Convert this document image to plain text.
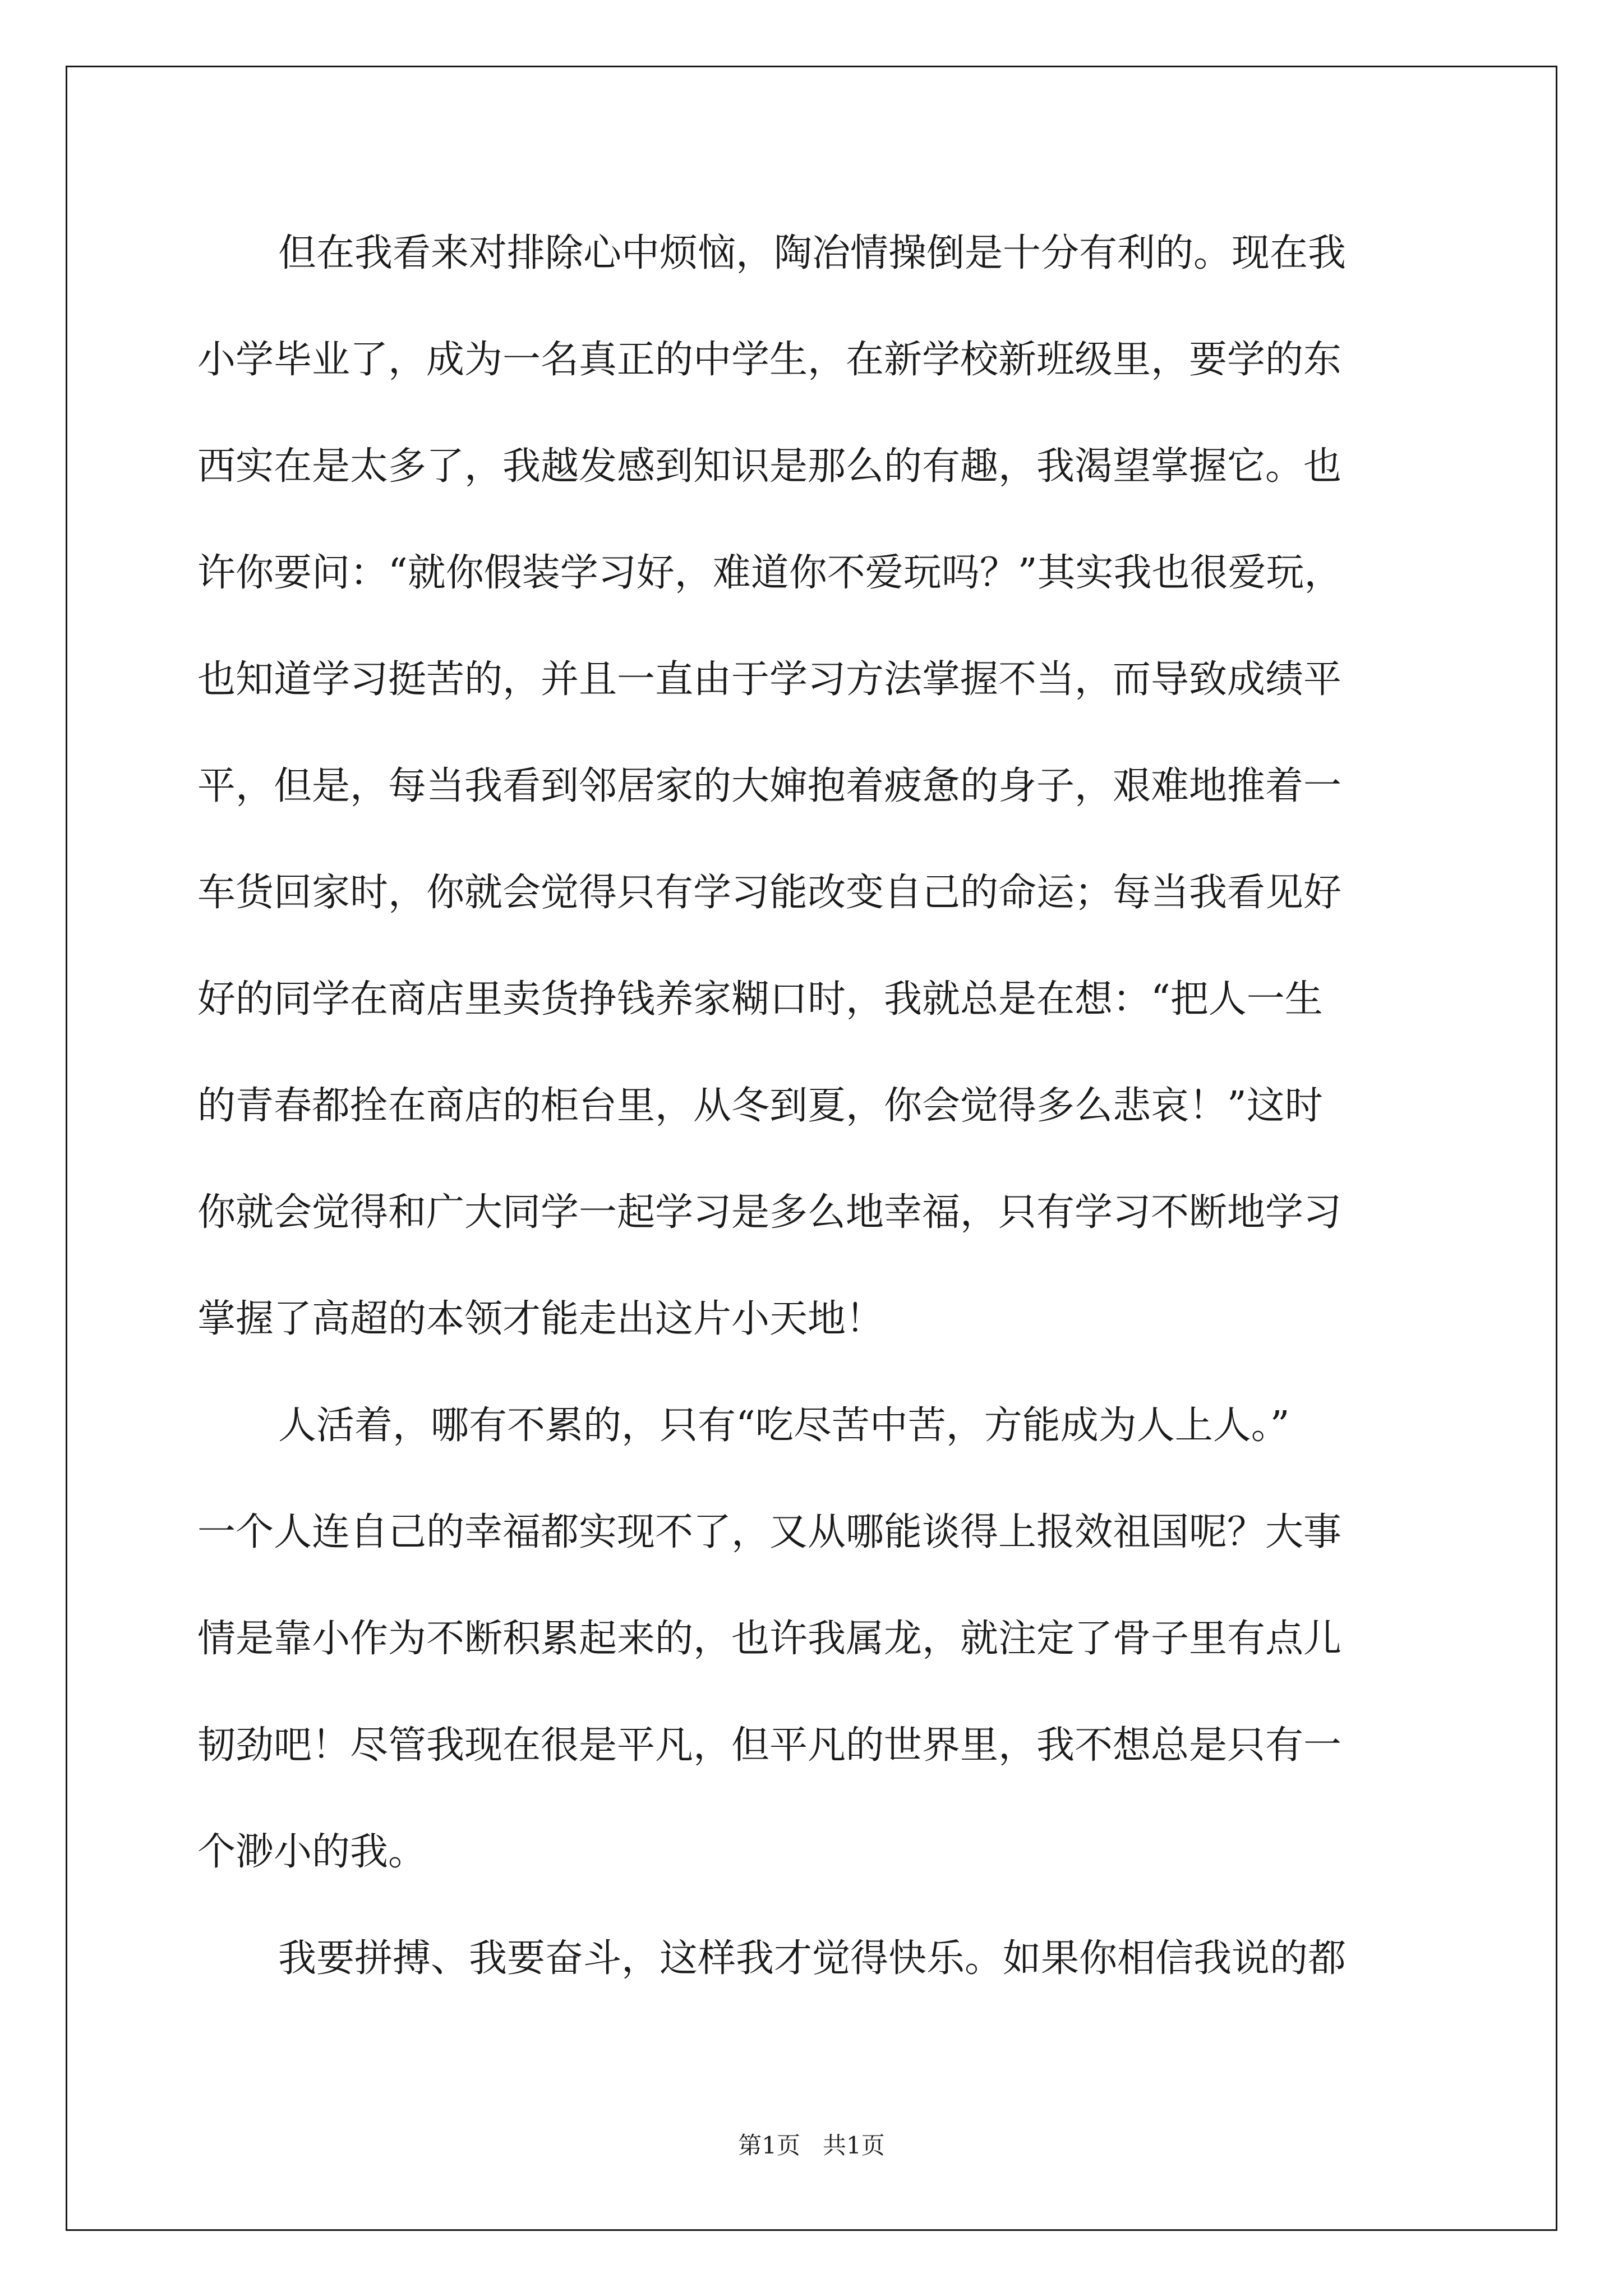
但在我看来对排除心中烦恼，陶冶情操倒是十分有利的。现在我

小学毕业了，成为一名真正的中学生，在新学校新班级里，要学的东

西实在是太多了，我越发感到知识是那么的有趣，我渴望掌握它。也

许你要问：“就你假装学习好，难道你不爱玩吗？”其实我也很爱玩，

也知道学习挺苦的，并且一直由于学习方法掌握不当，而导致成绩平

平，但是，每当我看到邻居家的大婶抱着疲惫的身子，艰难地推着一

车货回家时，你就会觉得只有学习能改变自己的命运；每当我看见好

好的同学在商店里卖货挣钱养家糊口时，我就总是在想：“把人一生

的青春都拴在商店的柜台里，从冬到夏，你会觉得多么悲哀！”这时

你就会觉得和广大同学一起学习是多么地幸福，只有学习不断地学习

掌握了高超的本领才能走出这片小天地！

人活着，哪有不累的，只有“吃尽苦中苦，方能成为人上人。”

一个人连自己的幸福都实现不了，又从哪能谈得上报效祖国呢？大事

情是靠小作为不断积累起来的，也许我属龙，就注定了骨子里有点儿

韧劲吧！尽管我现在很是平凡，但平凡的世界里，我不想总是只有一

个渺小的我。

我要拼搏、我要奋斗，这样我才觉得快乐。如果你相信我说的都

第1页 共1页
